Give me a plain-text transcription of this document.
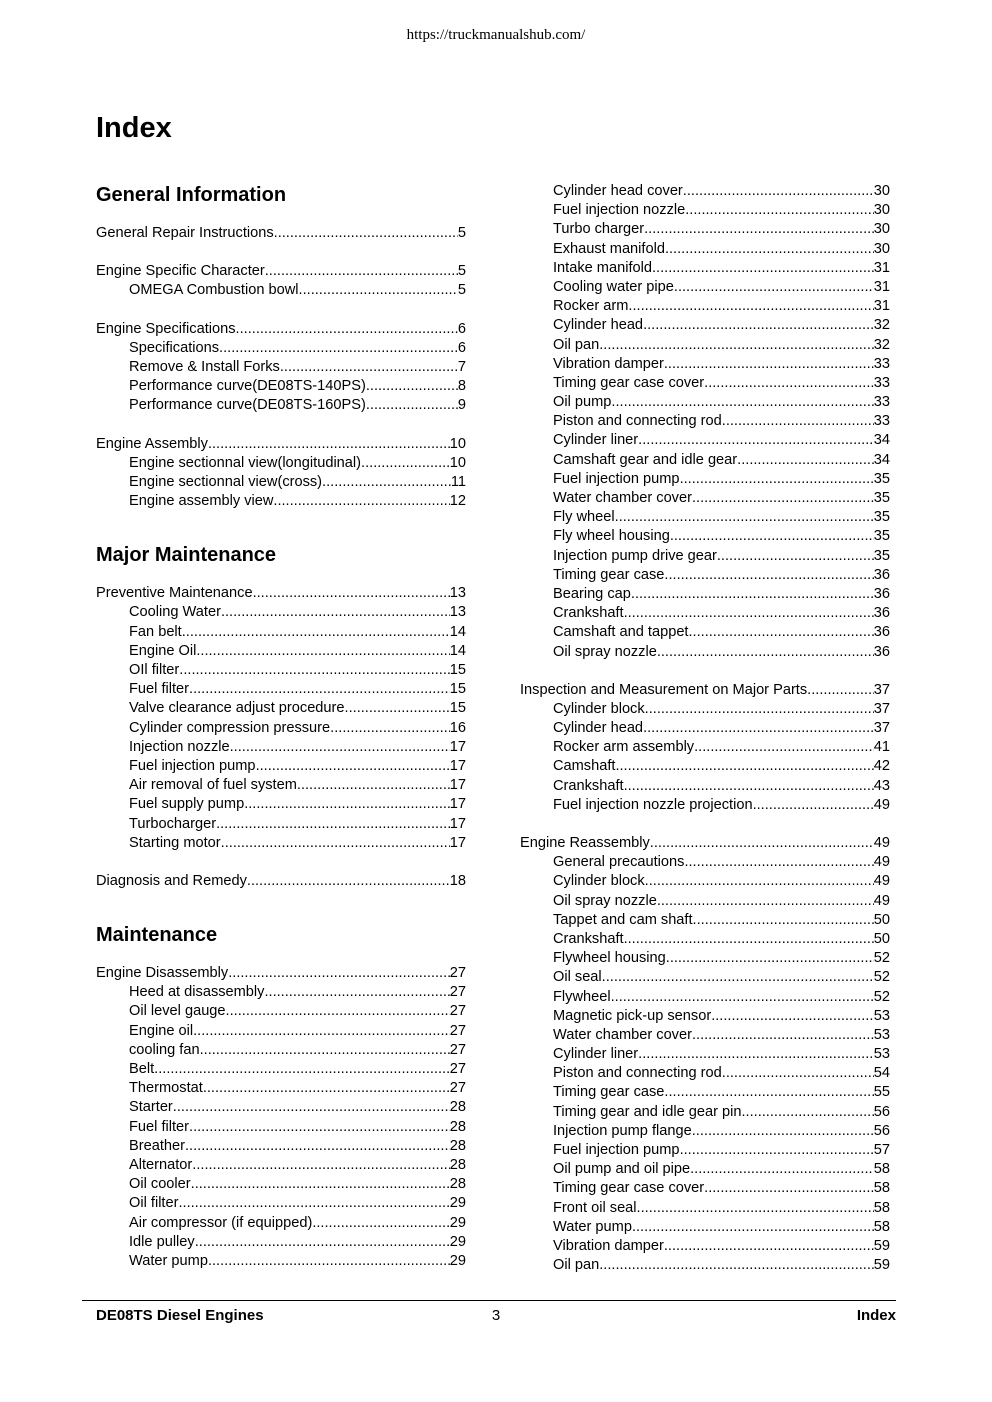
https://truckmanualshub.com/
Index
General Information
General Repair Instructions .....	5
Engine Specific Character .....	5
OMEGA Combustion bowl .....	5
Engine Specifications .....	6
Specifications .....	6
Remove & Install Forks .....	7
Performance curve(DE08TS-140PS) .....	8
Performance curve(DE08TS-160PS) .....	9
Engine Assembly .....	10
Engine sectionnal view(longitudinal) .....	10
Engine sectionnal view(cross) .....	11
Engine assembly view .....	12
Major Maintenance
Preventive Maintenance .....	13
Cooling Water .....	13
Fan belt .....	14
Engine Oil .....	14
OIl filter .....	15
Fuel filter .....	15
Valve clearance adjust procedure .....	15
Cylinder compression pressure .....	16
Injection nozzle .....	17
Fuel injection pump .....	17
Air removal of fuel system .....	17
Fuel supply pump .....	17
Turbocharger .....	17
Starting motor .....	17
Diagnosis and Remedy .....	18
Maintenance
Engine Disassembly .....	27
Heed at disassembly .....	27
Oil level gauge .....	27
Engine oil .....	27
cooling fan .....	27
Belt .....	27
Thermostat .....	27
Starter .....	28
Fuel filter .....	28
Breather .....	28
Alternator .....	28
Oil cooler .....	28
Oil filter .....	29
Air compressor (if equipped) .....	29
Idle pulley .....	29
Water pump .....	29
Cylinder head cover .....	30
Fuel injection nozzle .....	30
Turbo charger .....	30
Exhaust manifold .....	30
Intake manifold .....	31
Cooling water pipe .....	31
Rocker arm .....	31
Cylinder head .....	32
Oil pan .....	32
Vibration damper .....	33
Timing gear case cover .....	33
Oil pump .....	33
Piston and connecting rod .....	33
Cylinder liner .....	34
Camshaft gear and idle gear .....	34
Fuel injection pump .....	35
Water chamber cover .....	35
Fly wheel .....	35
Fly wheel housing .....	35
Injection pump drive gear .....	35
Timing gear case .....	36
Bearing cap .....	36
Crankshaft .....	36
Camshaft and tappet .....	36
Oil spray nozzle .....	36
Inspection and Measurement on Major Parts .....	37
Cylinder block .....	37
Cylinder head .....	37
Rocker arm assembly .....	41
Camshaft .....	42
Crankshaft .....	43
Fuel injection nozzle projection .....	49
Engine Reassembly .....	49
General precautions .....	49
Cylinder block .....	49
Oil spray nozzle .....	49
Tappet and cam shaft .....	50
Crankshaft .....	50
Flywheel housing .....	52
Oil seal .....	52
Flywheel .....	52
Magnetic pick-up sensor .....	53
Water chamber cover .....	53
Cylinder liner .....	53
Piston and connecting rod .....	54
Timing gear case .....	55
Timing gear and idle gear pin .....	56
Injection pump flange .....	56
Fuel injection pump .....	57
Oil pump and oil pipe .....	58
Timing gear case cover .....	58
Front oil seal .....	58
Water pump .....	58
Vibration damper .....	59
Oil pan .....	59
DE08TS Diesel Engines	3	Index
